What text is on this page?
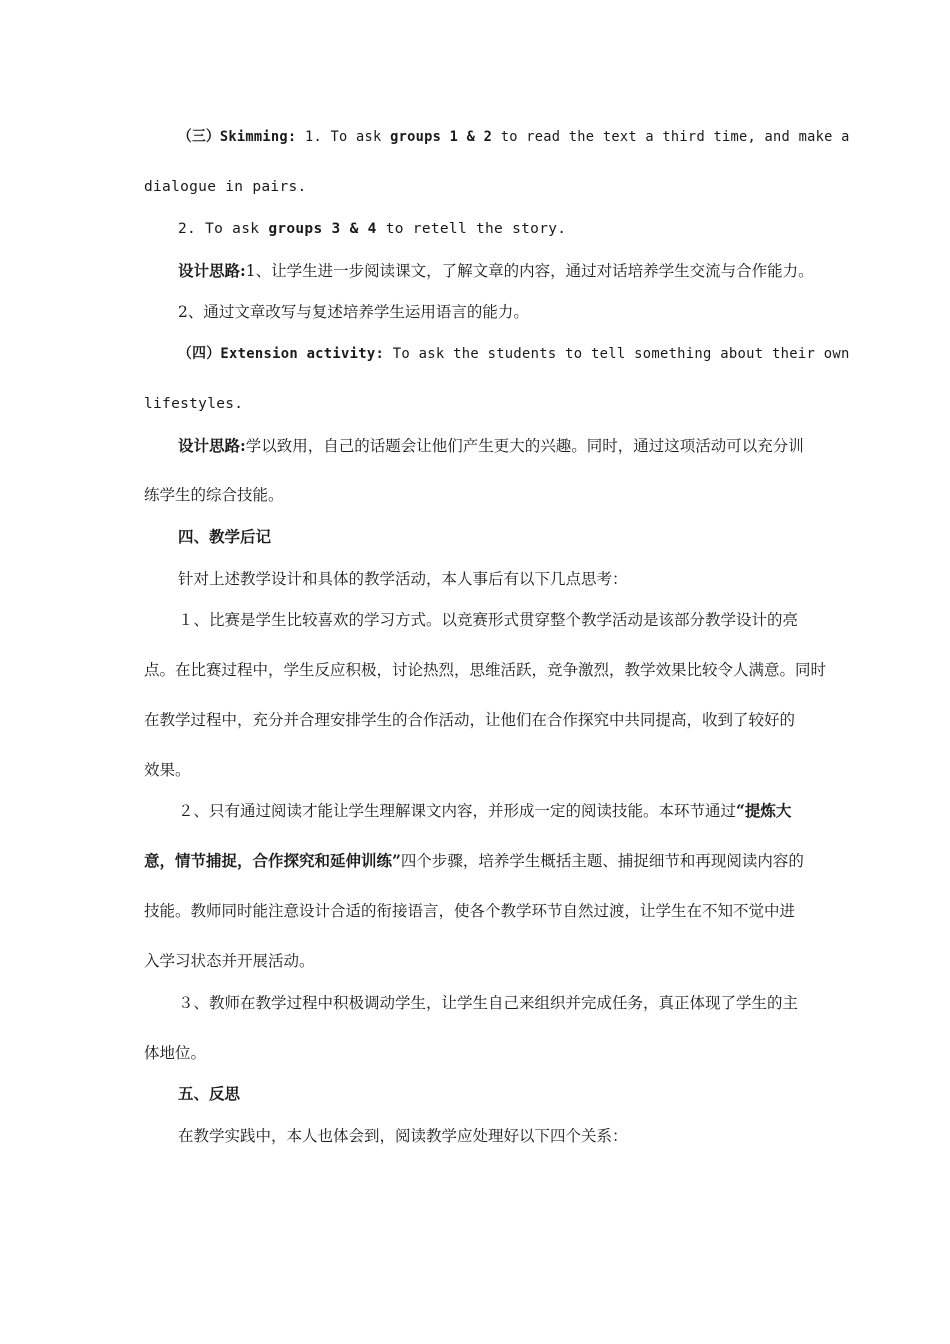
（三）Skimming: 1. To ask groups 1 & 2 to read the text a third time, and make a
dialogue in pairs.
2. To ask groups 3 & 4 to retell the story.
设计思路:1、让学生进一步阅读课文，了解文章的内容，通过对话培养学生交流与合作能力。
2、通过文章改写与复述培养学生运用语言的能力。
（四）Extension activity: To ask the students to tell something about their own
lifestyles.
设计思路:学以致用，自己的话题会让他们产生更大的兴趣。同时，通过这项活动可以充分训
练学生的综合技能。
四、教学后记
针对上述教学设计和具体的教学活动，本人事后有以下几点思考：
１、比赛是学生比较喜欢的学习方式。以竞赛形式贯穿整个教学活动是该部分教学设计的亮
点。在比赛过程中，学生反应积极，讨论热烈，思维活跃，竞争激烈，教学效果比较令人满意。同时
在教学过程中，充分并合理安排学生的合作活动，让他们在合作探究中共同提高，收到了较好的
效果。
２、只有通过阅读才能让学生理解课文内容，并形成一定的阅读技能。本环节通过“提炼大
意，情节捕捉，合作探究和延伸训练”四个步骤，培养学生概括主题、捕捉细节和再现阅读内容的
技能。教师同时能注意设计合适的衔接语言，使各个教学环节自然过渡，让学生在不知不觉中进
入学习状态并开展活动。
３、教师在教学过程中积极调动学生，让学生自己来组织并完成任务，真正体现了学生的主
体地位。
五、反思
在教学实践中，本人也体会到，阅读教学应处理好以下四个关系：
